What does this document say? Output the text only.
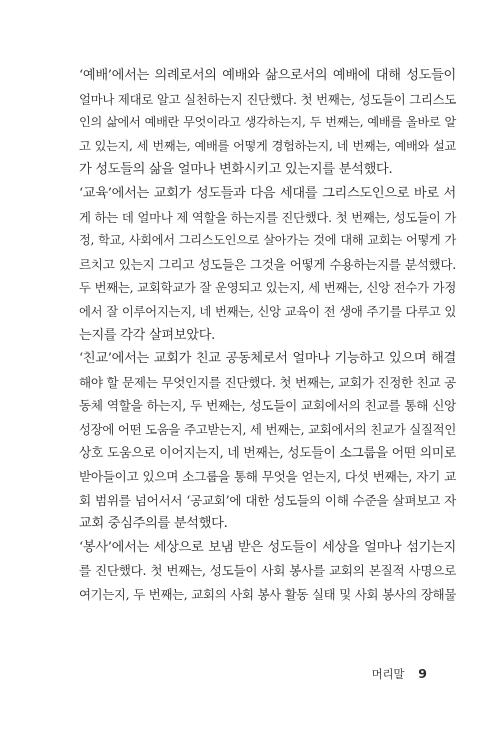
‘예배’에서는 의례로서의 예배와 삶으로서의 예배에 대해 성도들이
얼마나 제대로 알고 실천하는지 진단했다. 첫 번째는, 성도들이 그리스도
인의 삶에서 예배란 무엇이라고 생각하는지, 두 번째는, 예배를 올바로 알
고 있는지, 세 번째는, 예배를 어떻게 경험하는지, 네 번째는, 예배와 설교
가 성도들의 삶을 얼마나 변화시키고 있는지를 분석했다.

‘교육’에서는 교회가 성도들과 다음 세대를 그리스도인으로 바로 서
게 하는 데 얼마나 제 역할을 하는지를 진단했다. 첫 번째는, 성도들이 가
정, 학교, 사회에서 그리스도인으로 살아가는 것에 대해 교회는 어떻게 가
르치고 있는지 그리고 성도들은 그것을 어떻게 수용하는지를 분석했다.
두 번째는, 교회학교가 잘 운영되고 있는지, 세 번째는, 신앙 전수가 가정
에서 잘 이루어지는지, 네 번째는, 신앙 교육이 전 생애 주기를 다루고 있
는지를 각각 살펴보았다.

‘친교’에서는 교회가 친교 공동체로서 얼마나 기능하고 있으며 해결
해야 할 문제는 무엇인지를 진단했다. 첫 번째는, 교회가 진정한 친교 공
동체 역할을 하는지, 두 번째는, 성도들이 교회에서의 친교를 통해 신앙
성장에 어떤 도움을 주고받는지, 세 번째는, 교회에서의 친교가 실질적인
상호 도움으로 이어지는지, 네 번째는, 성도들이 소그룹을 어떤 의미로
받아들이고 있으며 소그룹을 통해 무엇을 얻는지, 다섯 번째는, 자기 교
회 범위를 넘어서서 ‘공교회’에 대한 성도들의 이해 수준을 살펴보고 자
교회 중심주의를 분석했다.

‘봉사’에서는 세상으로 보냄 받은 성도들이 세상을 얼마나 섬기는지
를 진단했다. 첫 번째는, 성도들이 사회 봉사를 교회의 본질적 사명으로
여기는지, 두 번째는, 교회의 사회 봉사 활동 실태 및 사회 봉사의 장해물

머리말 9
